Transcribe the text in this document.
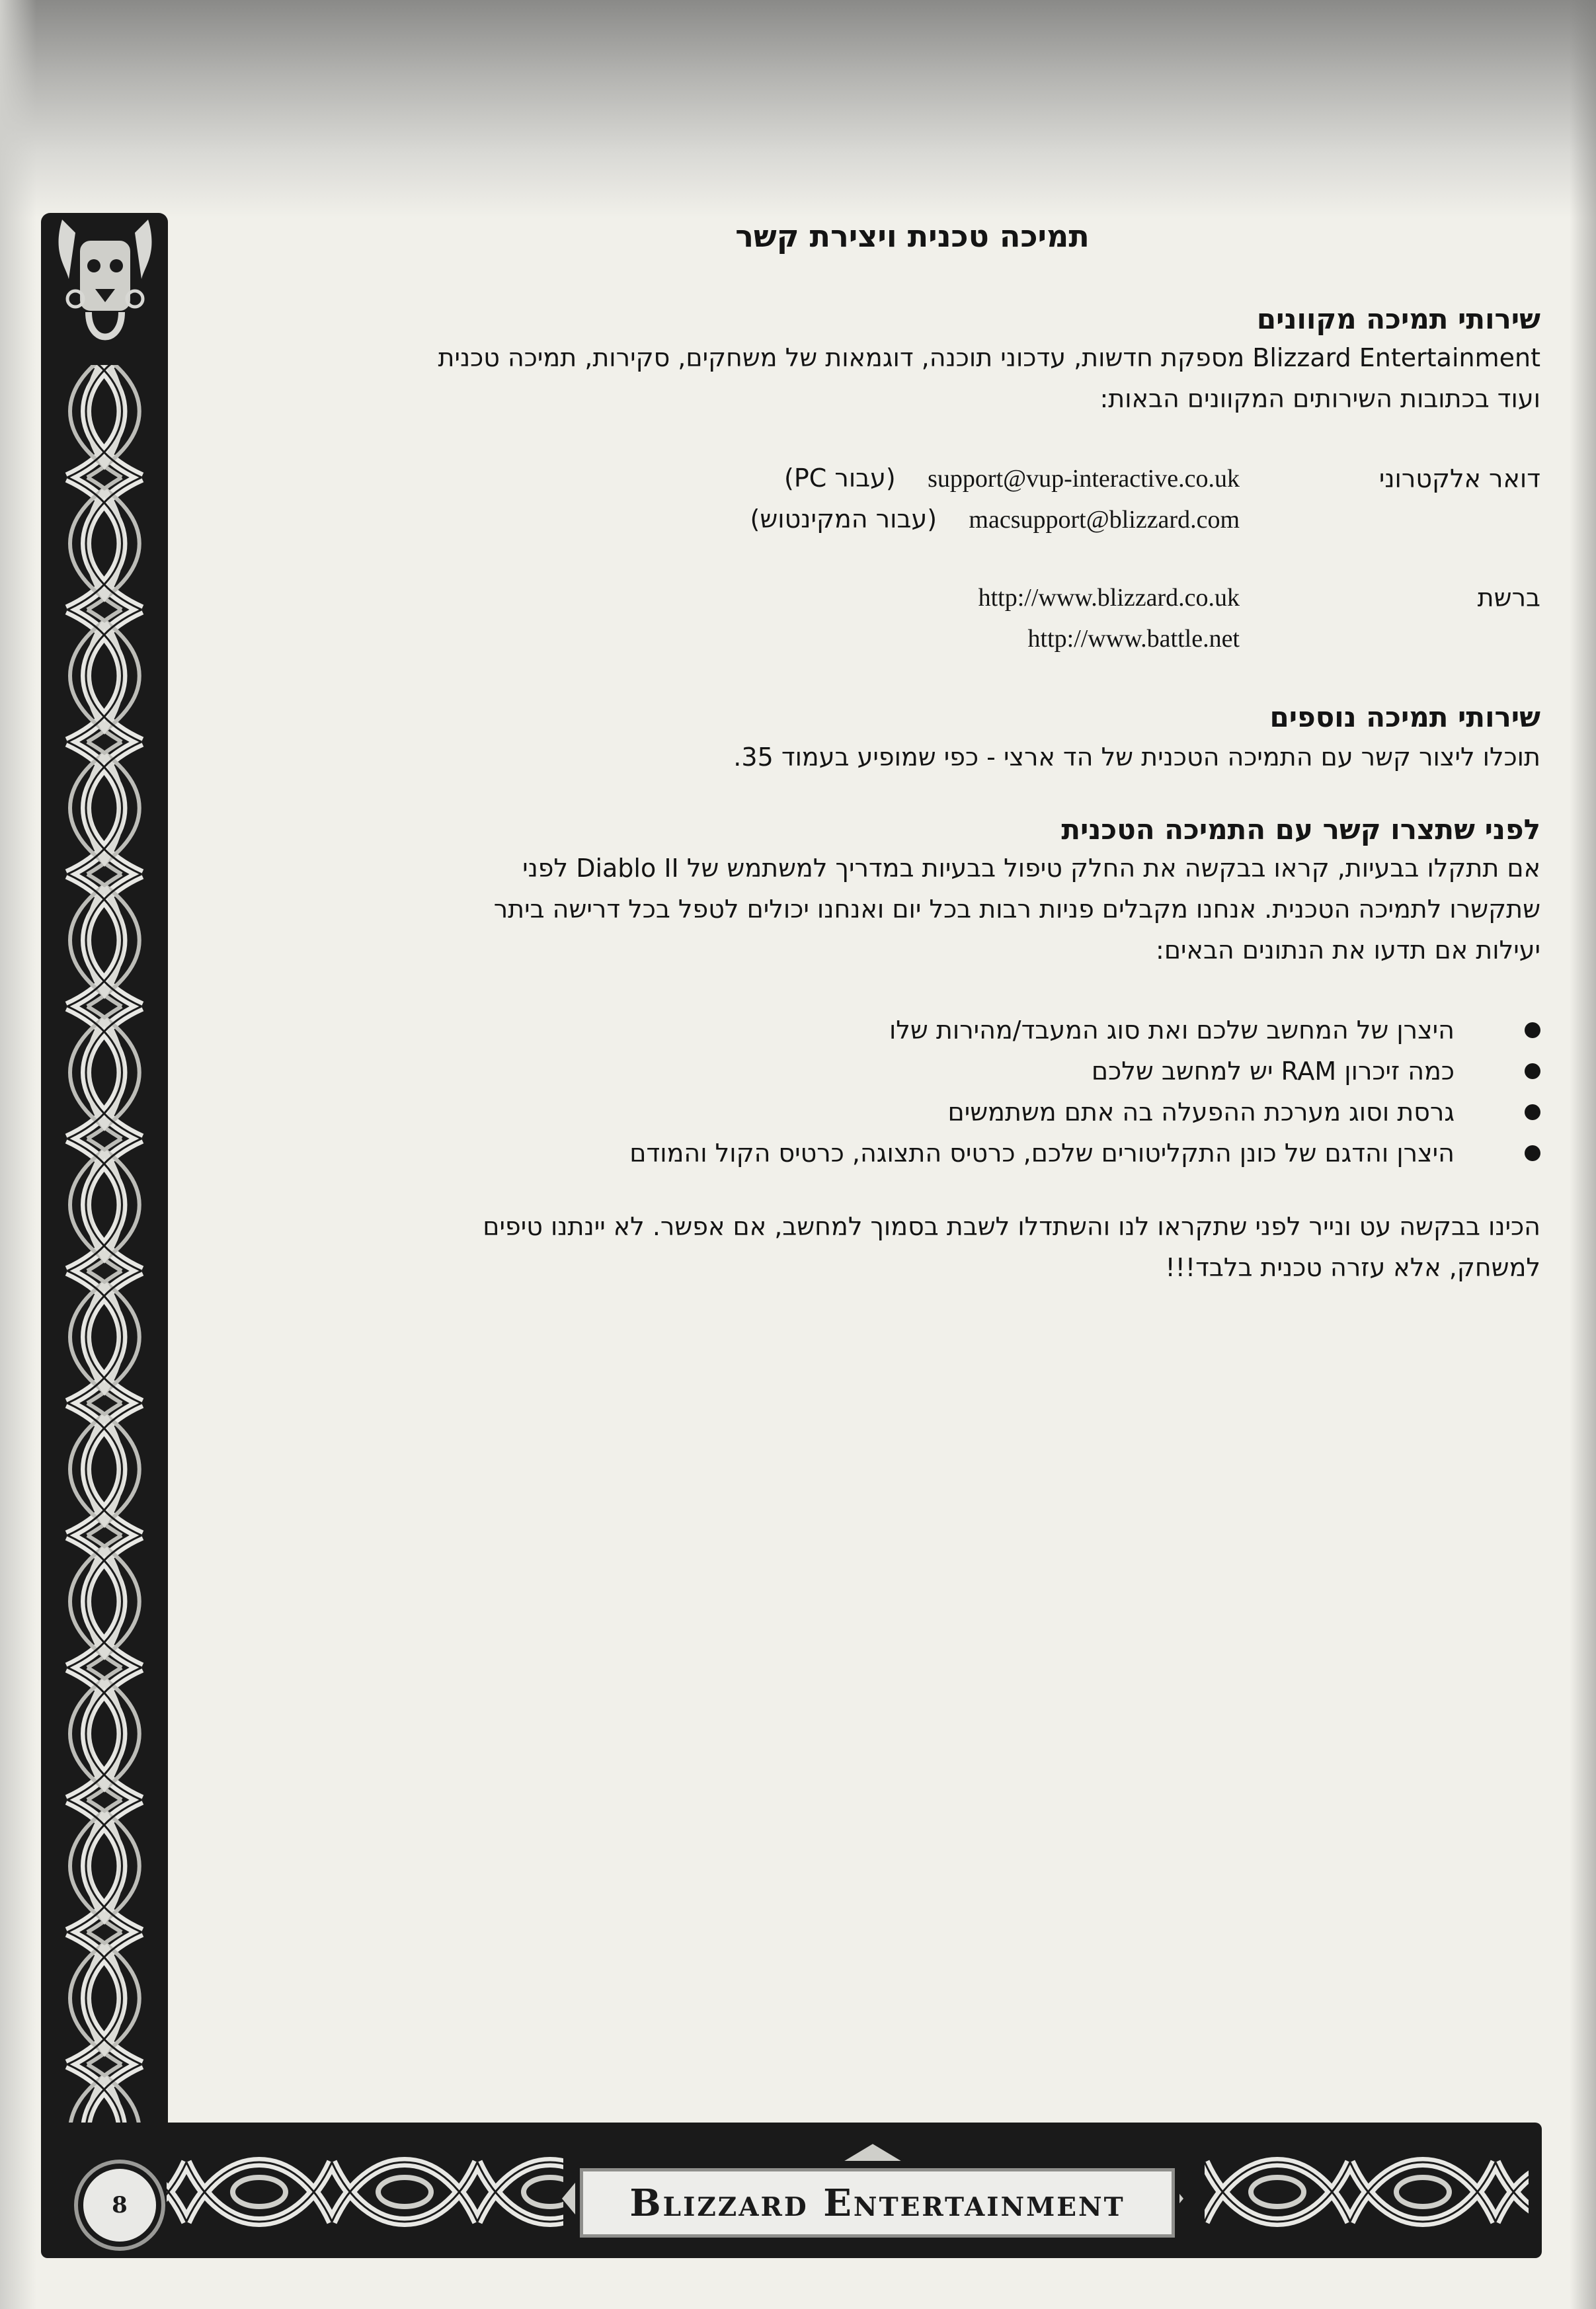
8	Blizzard Entertainment
תמיכה טכנית ויצירת קשר
שירותי תמיכה מקוונים
Blizzard Entertainment מספקת חדשות, עדכוני תוכנה, דוגמאות של משחקים, סקירות, תמיכה טכנית
ועוד בכתובות השירותים המקוונים הבאות:
דואר אלקטרוני
support@vup-interactive.co.uk    (עבור PC)
macsupport@blizzard.com    (עבור המקינטוש)
ברשת
http://www.blizzard.co.uk
http://www.battle.net
שירותי תמיכה נוספים
תוכלו ליצור קשר עם התמיכה הטכנית של הד ארצי - כפי שמופיע בעמוד 35.
לפני שתצרו קשר עם התמיכה הטכנית
אם תתקלו בבעיות, קראו בבקשה את החלק טיפול בבעיות במדריך למשתמש של Diablo II לפני
שתקשרו לתמיכה הטכנית. אנחנו מקבלים פניות רבות בכל יום ואנחנו יכולים לטפל בכל דרישה ביתר
יעילות אם תדעו את הנתונים הבאים:
היצרן של המחשב שלכם ואת סוג המעבד/מהירות שלו
כמה זיכרון RAM יש למחשב שלכם
גרסת וסוג מערכת ההפעלה בה אתם משתמשים
היצרן והדגם של כונן התקליטורים שלכם, כרטיס התצוגה, כרטיס הקול והמודם
הכינו בבקשה עט ונייר לפני שתקראו לנו והשתדלו לשבת בסמוך למחשב, אם אפשר. לא יינתנו טיפים
למשחק, אלא עזרה טכנית בלבד!!!
